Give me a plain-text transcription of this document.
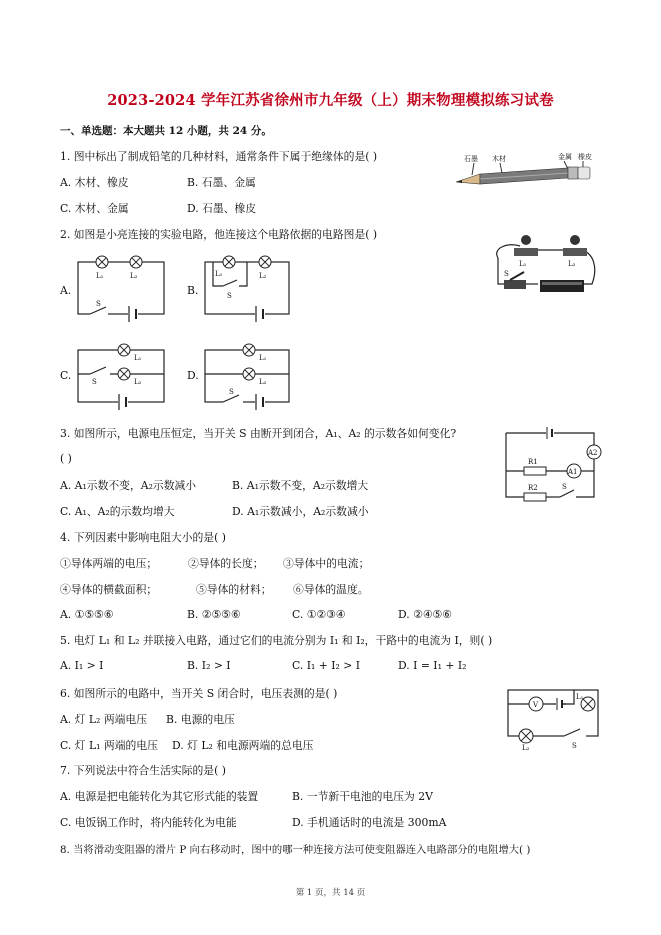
2023-2024 学年江苏省徐州市九年级（上）期末物理模拟练习试卷
一、单选题：本大题共 12 小题，共 24 分。
1. 图中标出了制成铅笔的几种材料，通常条件下属于绝缘体的是( )
A. 木材、橡皮	B. 石墨、金属
C. 木材、金属	D. 石墨、橡皮
石墨 木材	金属 橡皮
2. 如图是小亮连接的实验电路，他连接这个电路依据的电路图是( )
L₁	L₂
S
A.
L₁	L₂
S
B.
L₁	L₂
S
C.
L₁
L₂
S	D.
L₁
L₂
S
3. 如图所示，电源电压恒定，当开关 S 由断开到闭合，A₁、A₂ 的示数各如何变化?
( )
A. A₁示数不变，A₂示数减小	B. A₁示数不变，A₂示数增大
C. A₁、A₂的示数均增大	D. A₁示数减小，A₂示数减小
A2
R1
A1
R2	S
4. 下列因素中影响电阻大小的是( )
①导体两端的电压；	②导体的长度； ③导体中的电流；
④导体的横截面积；	⑤导体的材料； ⑥导体的温度。
A. ①⑤⑤⑥	B. ②⑤⑤⑥	C. ①②③④	D. ②④⑤⑥
5. 电灯 L₁ 和 L₂ 并联接入电路，通过它们的电流分别为 I₁ 和 I₂，干路中的电流为 I，则( )
A. I₁ > I	B. I₂ > I	C. I₁ + I₂ > I	D. I = I₁ + I₂
6. 如图所示的电路中，当开关 S 闭合时，电压表测的是( )
A. 灯 L₂ 两端电压 B. 电源的电压
C. 灯 L₁ 两端的电压 D. 灯 L₂ 和电源两端的总电压
V
L₁
L₂	S
7. 下列说法中符合生活实际的是( )
A. 电源是把电能转化为其它形式能的装置	B. 一节新干电池的电压为 2V
C. 电饭锅工作时，将内能转化为电能	D. 手机通话时的电流是 300mA
8. 当将滑动变阻器的滑片 P 向右移动时，图中的哪一种连接方法可使变阻器连入电路部分的电阻增大( )
第 1 页，共 14 页
